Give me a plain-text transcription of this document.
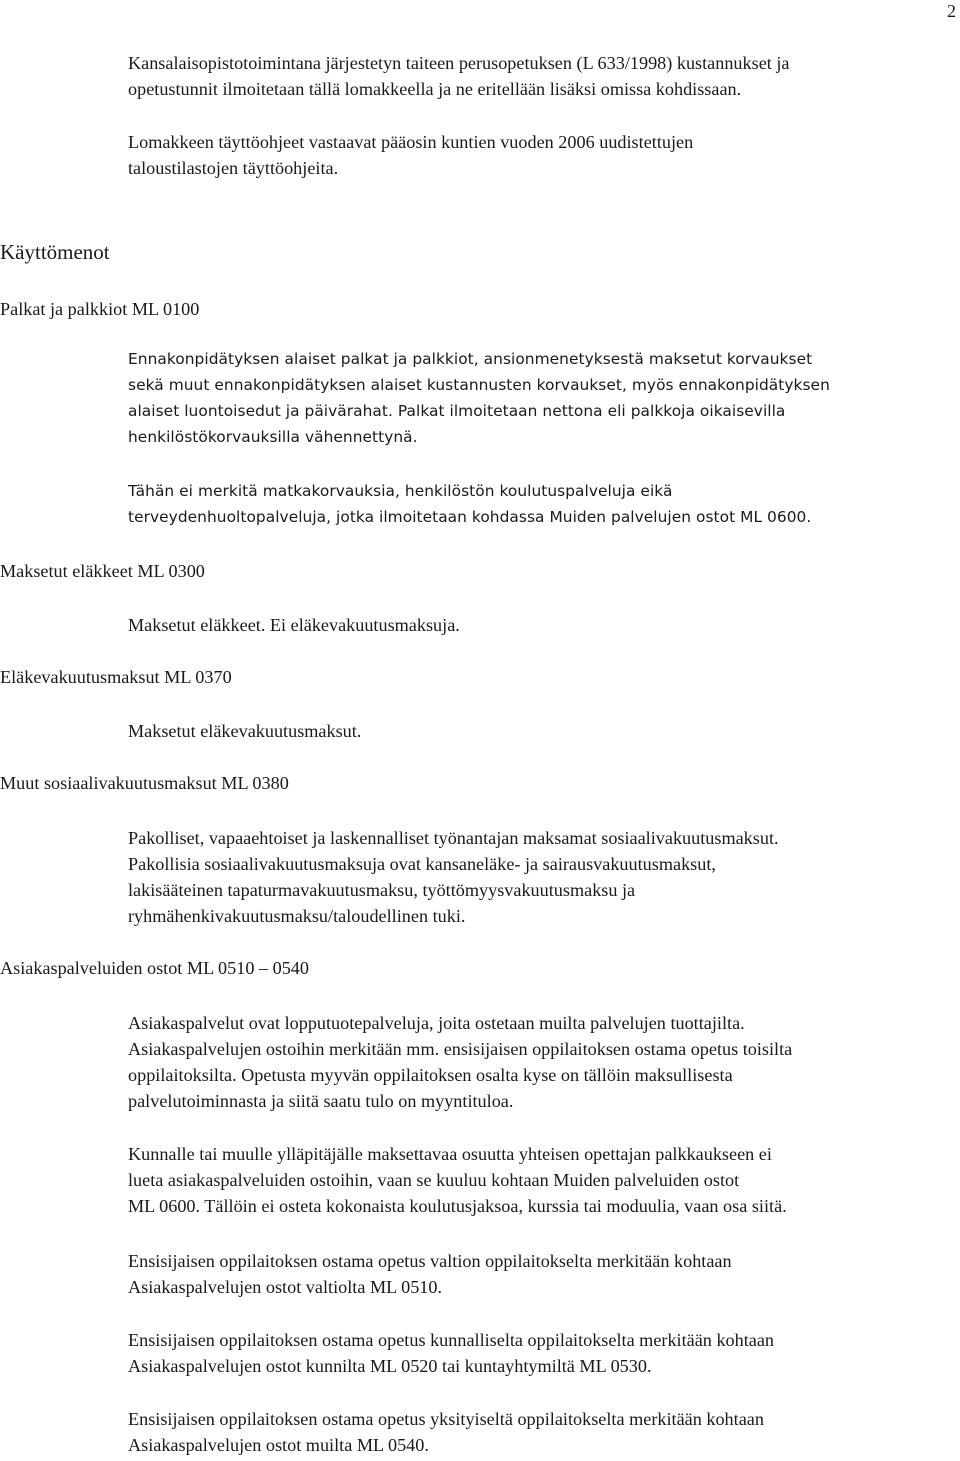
2

Kansalaisopistotoimintana järjestetyn taiteen perusopetuksen (L 633/1998) kustannukset ja
opetustunnit ilmoitetaan tällä lomakkeella ja ne eritellään lisäksi omissa kohdissaan.

Lomakkeen täyttöohjeet vastaavat pääosin kuntien vuoden 2006 uudistettujen
taloustilastojen täyttöohjeita.

Käyttömenot
Palkat ja palkkiot ML 0100

Ennakonpidätyksen alaiset palkat ja palkkiot, ansionmenetyksestä maksetut korvaukset
sekä muut ennakonpidätyksen alaiset kustannusten korvaukset, myös ennakonpidätyksen
alaiset luontoisedut ja päivärahat. Palkat ilmoitetaan nettona eli palkkoja oikaisevilla
henkilöstökorvauksilla vähennettynä.

Tähän ei merkitä matkakorvauksia, henkilöstön koulutuspalveluja eikä
terveydenhuoltopalveluja, jotka ilmoitetaan kohdassa Muiden palvelujen ostot ML 0600.

Maksetut eläkkeet ML 0300

Maksetut eläkkeet. Ei eläkevakuutusmaksuja.

Eläkevakuutusmaksut ML 0370

Maksetut eläkevakuutusmaksut.

Muut sosiaalivakuutusmaksut ML 0380

Pakolliset, vapaaehtoiset ja laskennalliset työnantajan maksamat sosiaalivakuutusmaksut.
Pakollisia sosiaalivakuutusmaksuja ovat kansaneläke- ja sairausvakuutusmaksut,
lakisääteinen tapaturmavakuutusmaksu, työttömyysvakuutusmaksu ja
ryhmähenkivakuutusmaksu/taloudellinen tuki.

Asiakaspalveluiden ostot ML 0510 – 0540

Asiakaspalvelut ovat lopputuotepalveluja, joita ostetaan muilta palvelujen tuottajilta.
Asiakaspalvelujen ostoihin merkitään mm. ensisijaisen oppilaitoksen ostama opetus toisilta
oppilaitoksilta. Opetusta myyvän oppilaitoksen osalta kyse on tällöin maksullisesta
palvelutoiminnasta ja siitä saatu tulo on myyntituloa.

Kunnalle tai muulle ylläpitäjälle maksettavaa osuutta yhteisen opettajan palkkaukseen ei
lueta asiakaspalveluiden ostoihin, vaan se kuuluu kohtaan Muiden palveluiden ostot
ML 0600. Tällöin ei osteta kokonaista koulutusjaksoa, kurssia tai moduulia, vaan osa siitä.

Ensisijaisen oppilaitoksen ostama opetus valtion oppilaitokselta merkitään kohtaan
Asiakaspalvelujen ostot valtiolta ML 0510.

Ensisijaisen oppilaitoksen ostama opetus kunnalliselta oppilaitokselta merkitään kohtaan
Asiakaspalvelujen ostot kunnilta ML 0520 tai kuntayhtymiltä ML 0530.

Ensisijaisen oppilaitoksen ostama opetus yksityiseltä oppilaitokselta merkitään kohtaan
Asiakaspalvelujen ostot muilta ML 0540.
